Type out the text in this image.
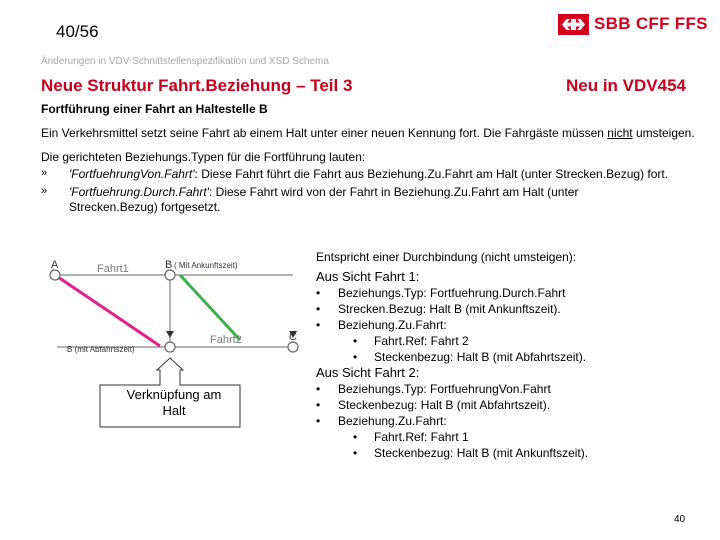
40/56	SBB CFF FFS
Änderungen in VDV-Schnittstellenspezifikation und XSD Schema
Neue Struktur Fahrt.Beziehung – Teil 3	Neu in VDV454
Fortführung einer Fahrt an Haltestelle B
Ein Verkehrsmittel setzt seine Fahrt ab einem Halt unter einer neuen Kennung fort. Die Fahrgäste müssen nicht umsteigen.
Die gerichteten Beziehungs.Typen für die Fortführung lauten:
» 'FortfuehrungVon.Fahrt': Diese Fahrt führt die Fahrt aus Beziehung.Zu.Fahrt am Halt (unter Strecken.Bezug) fort.
» 'Fortfuehrung.Durch.Fahrt': Diese Fahrt wird von der Fahrt in Beziehung.Zu.Fahrt am Halt (unter Strecken.Bezug) fortgesetzt.
A	B
C
Fahrt1
Fahrt2
( Mit Ankunftszeit)
B (mit Abfahrtszeit)
Verknüpfung am Halt
Entspricht einer Durchbindung (nicht umsteigen):
Aus Sicht Fahrt 1:
• Beziehungs.Typ: Fortfuehrung.Durch.Fahrt
• Strecken.Bezug: Halt B (mit Ankunftszeit).
• Beziehung.Zu.Fahrt:
• Fahrt.Ref: Fahrt 2
• Steckenbezug: Halt B (mit Abfahrtszeit).
Aus Sicht Fahrt 2:
• Beziehungs.Typ: FortfuehrungVon.Fahrt
• Steckenbezug: Halt B (mit Abfahrtszeit).
• Beziehung.Zu.Fahrt:
• Fahrt.Ref: Fahrt 1
• Steckenbezug: Halt B (mit Ankunftszeit).
40
